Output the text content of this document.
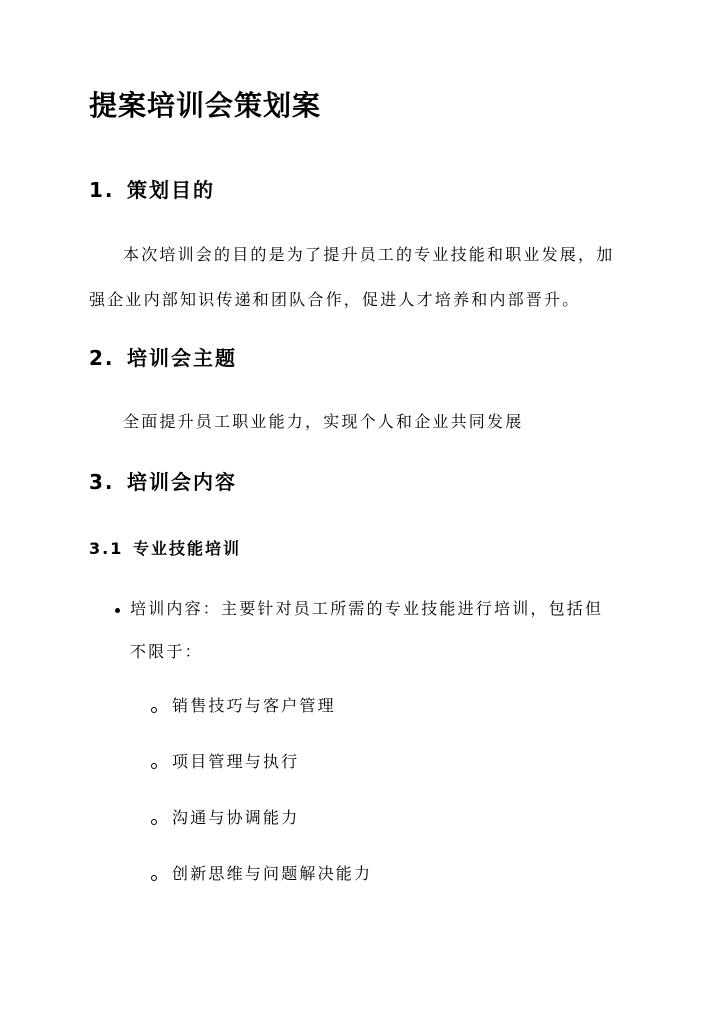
提案培训会策划案
1. 策划目的
本次培训会的目的是为了提升员工的专业技能和职业发展，加
强企业内部知识传递和团队合作，促进人才培养和内部晋升。
2. 培训会主题
全面提升员工职业能力，实现个人和企业共同发展
3. 培训会内容
3.1 专业技能培训
培训内容：主要针对员工所需的专业技能进行培训，包括但
不限于：
销售技巧与客户管理
项目管理与执行
沟通与协调能力
创新思维与问题解决能力
